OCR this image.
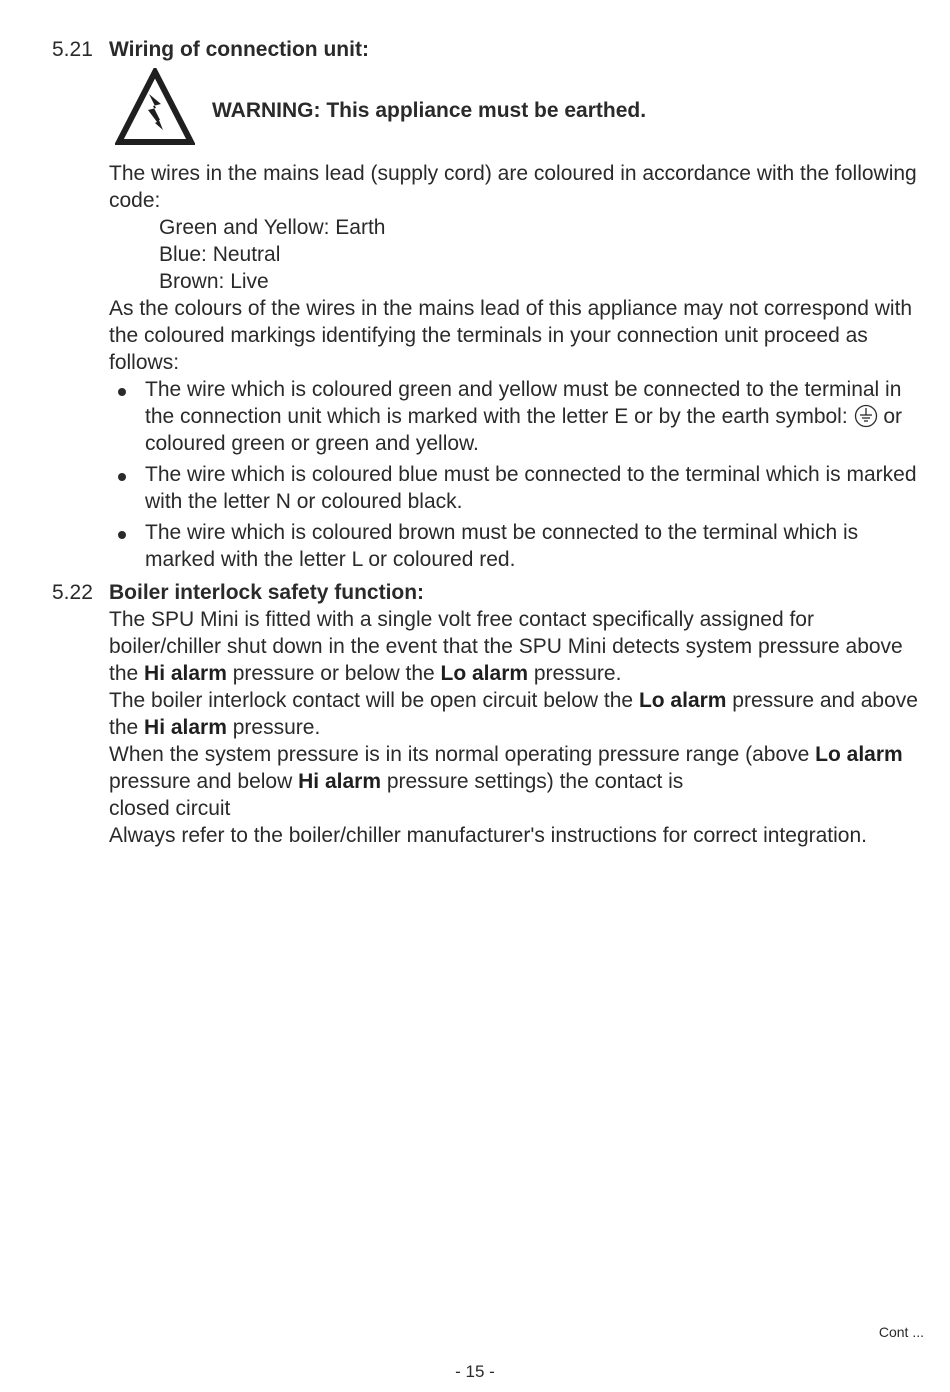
5.21 Wiring of connection unit:
WARNING: This appliance must be earthed.

The wires in the mains lead (supply cord) are coloured in accordance with the following code:

Green and Yellow: Earth

Blue: Neutral

Brown: Live

As the colours of the wires in the mains lead of this appliance may not correspond with the coloured markings identifying the terminals in your connection unit proceed as follows:

The wire which is coloured green and yellow must be connected to the terminal in the connection unit which is marked with the letter E or by the earth symbol: or coloured green or green and yellow.
The wire which is coloured blue must be connected to the terminal which is marked with the letter N or coloured black.
The wire which is coloured brown must be connected to the terminal which is marked with the letter L or coloured red.
5.22 Boiler interlock safety function:

The SPU Mini is fitted with a single volt free contact specifically assigned for boiler/chiller shut down in the event that the SPU Mini detects system pressure above the Hi alarm pressure or below the Lo alarm pressure.

The boiler interlock contact will be open circuit below the Lo alarm pressure and above the Hi alarm pressure.

When the system pressure is in its normal operating pressure range (above Lo alarm pressure and below Hi alarm pressure settings) the contact is

closed circuit

Always refer to the boiler/chiller manufacturer's instructions for correct integration.

Cont ...
- 15 -
